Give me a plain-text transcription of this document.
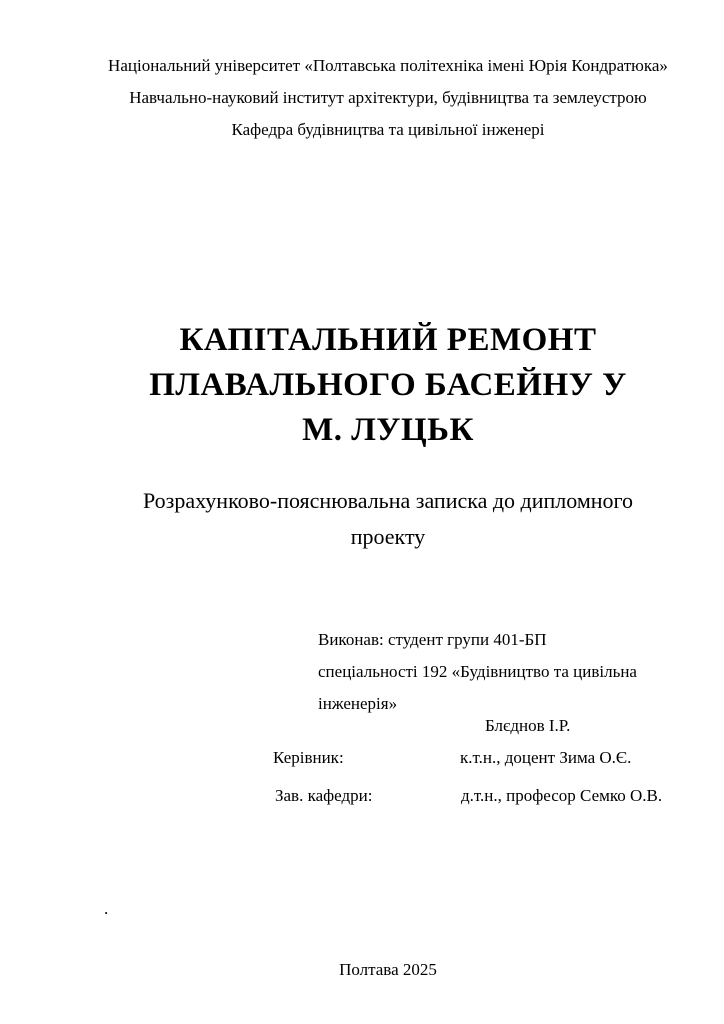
Національний університет «Полтавська політехніка імені Юрія Кондратюка»
Навчально-науковий інститут архітектури, будівництва та землеустрою
Кафедра будівництва та цивільної інженері
КАПІТАЛЬНИЙ РЕМОНТ
ПЛАВАЛЬНОГО БАСЕЙНУ У
М. ЛУЦЬК
Розрахунково-пояснювальна записка до дипломного
проекту
Виконав: студент групи 401-БП
спеціальності 192 «Будівництво та цивільна
інженерія»
Блєднов І.Р.
Керівник:	к.т.н., доцент Зима О.Є.
Зав. кафедри:	д.т.н., професор Семко О.В.
.
Полтава 2025
